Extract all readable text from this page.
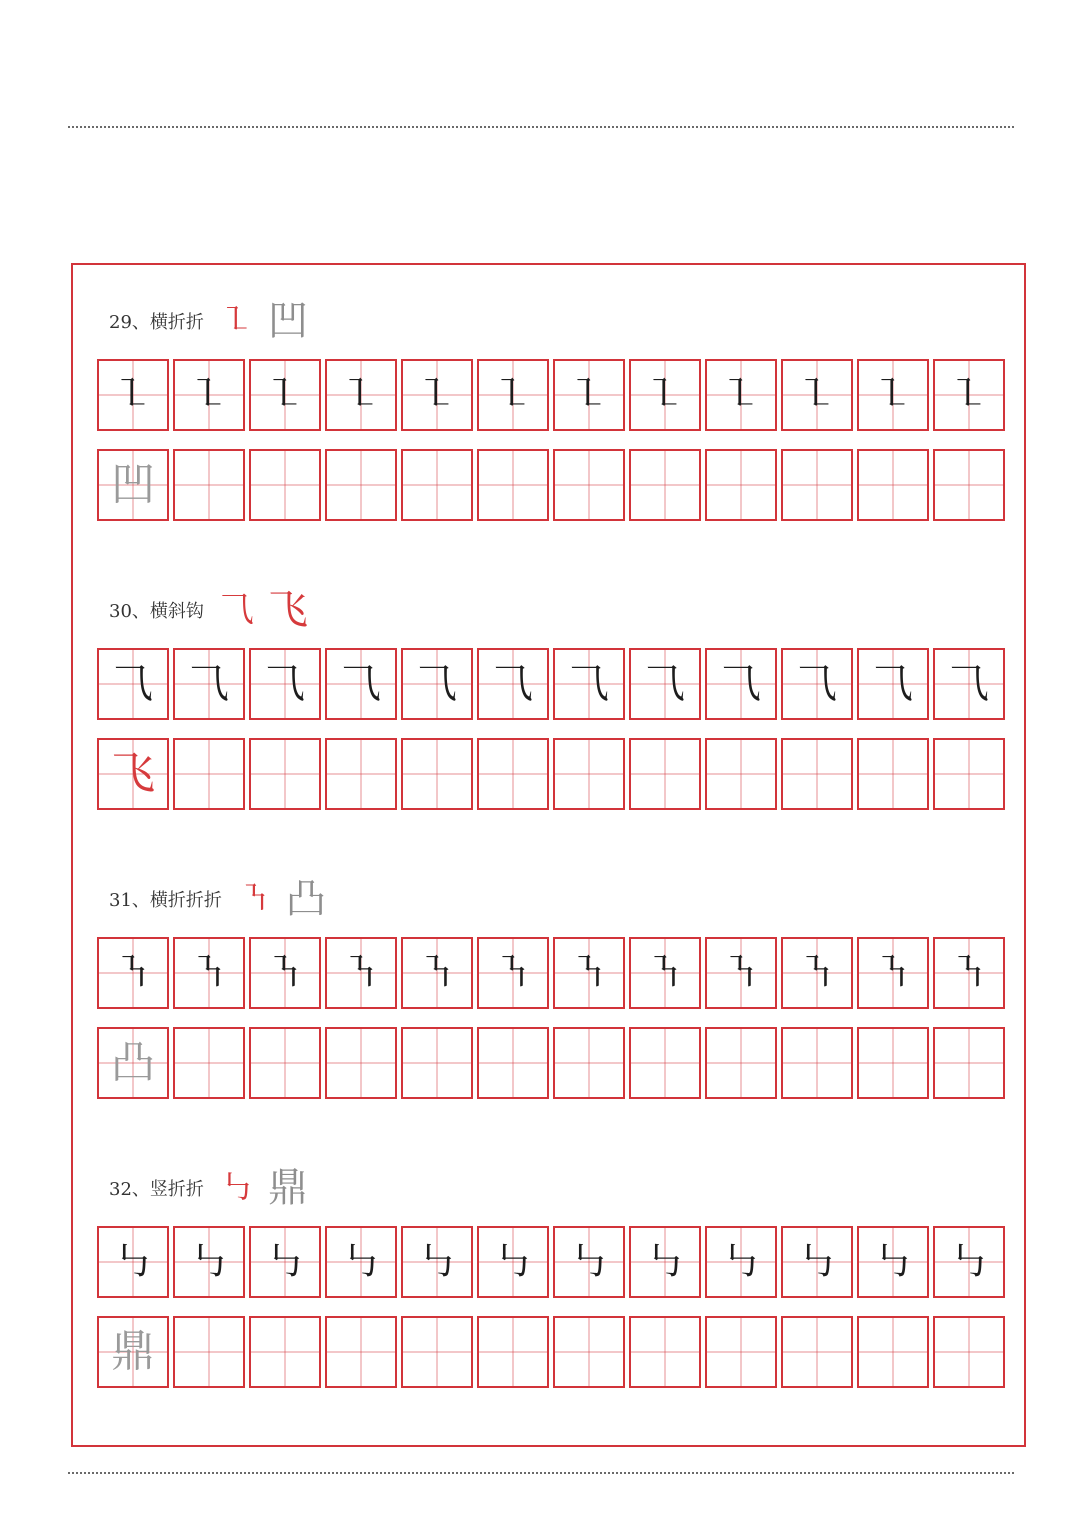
29、横折折 ㇅ 凹
㇅ ㇅ ㇅ ㇅ ㇅ ㇅ ㇅ ㇅ ㇅ ㇅ ㇅ ㇅
凹
30、横斜钩 ⺄ 飞
⺄ ⺄ ⺄ ⺄ ⺄ ⺄ ⺄ ⺄ ⺄ ⺄ ⺄ ⺄
飞
31、横折折折 ㇎ 凸
㇎ ㇎ ㇎ ㇎ ㇎ ㇎ ㇎ ㇎ ㇎ ㇎ ㇎ ㇎
凸
32、竖折折 ㇉ 鼎
㇉ ㇉ ㇉ ㇉ ㇉ ㇉ ㇉ ㇉ ㇉ ㇉ ㇉ ㇉
鼎
